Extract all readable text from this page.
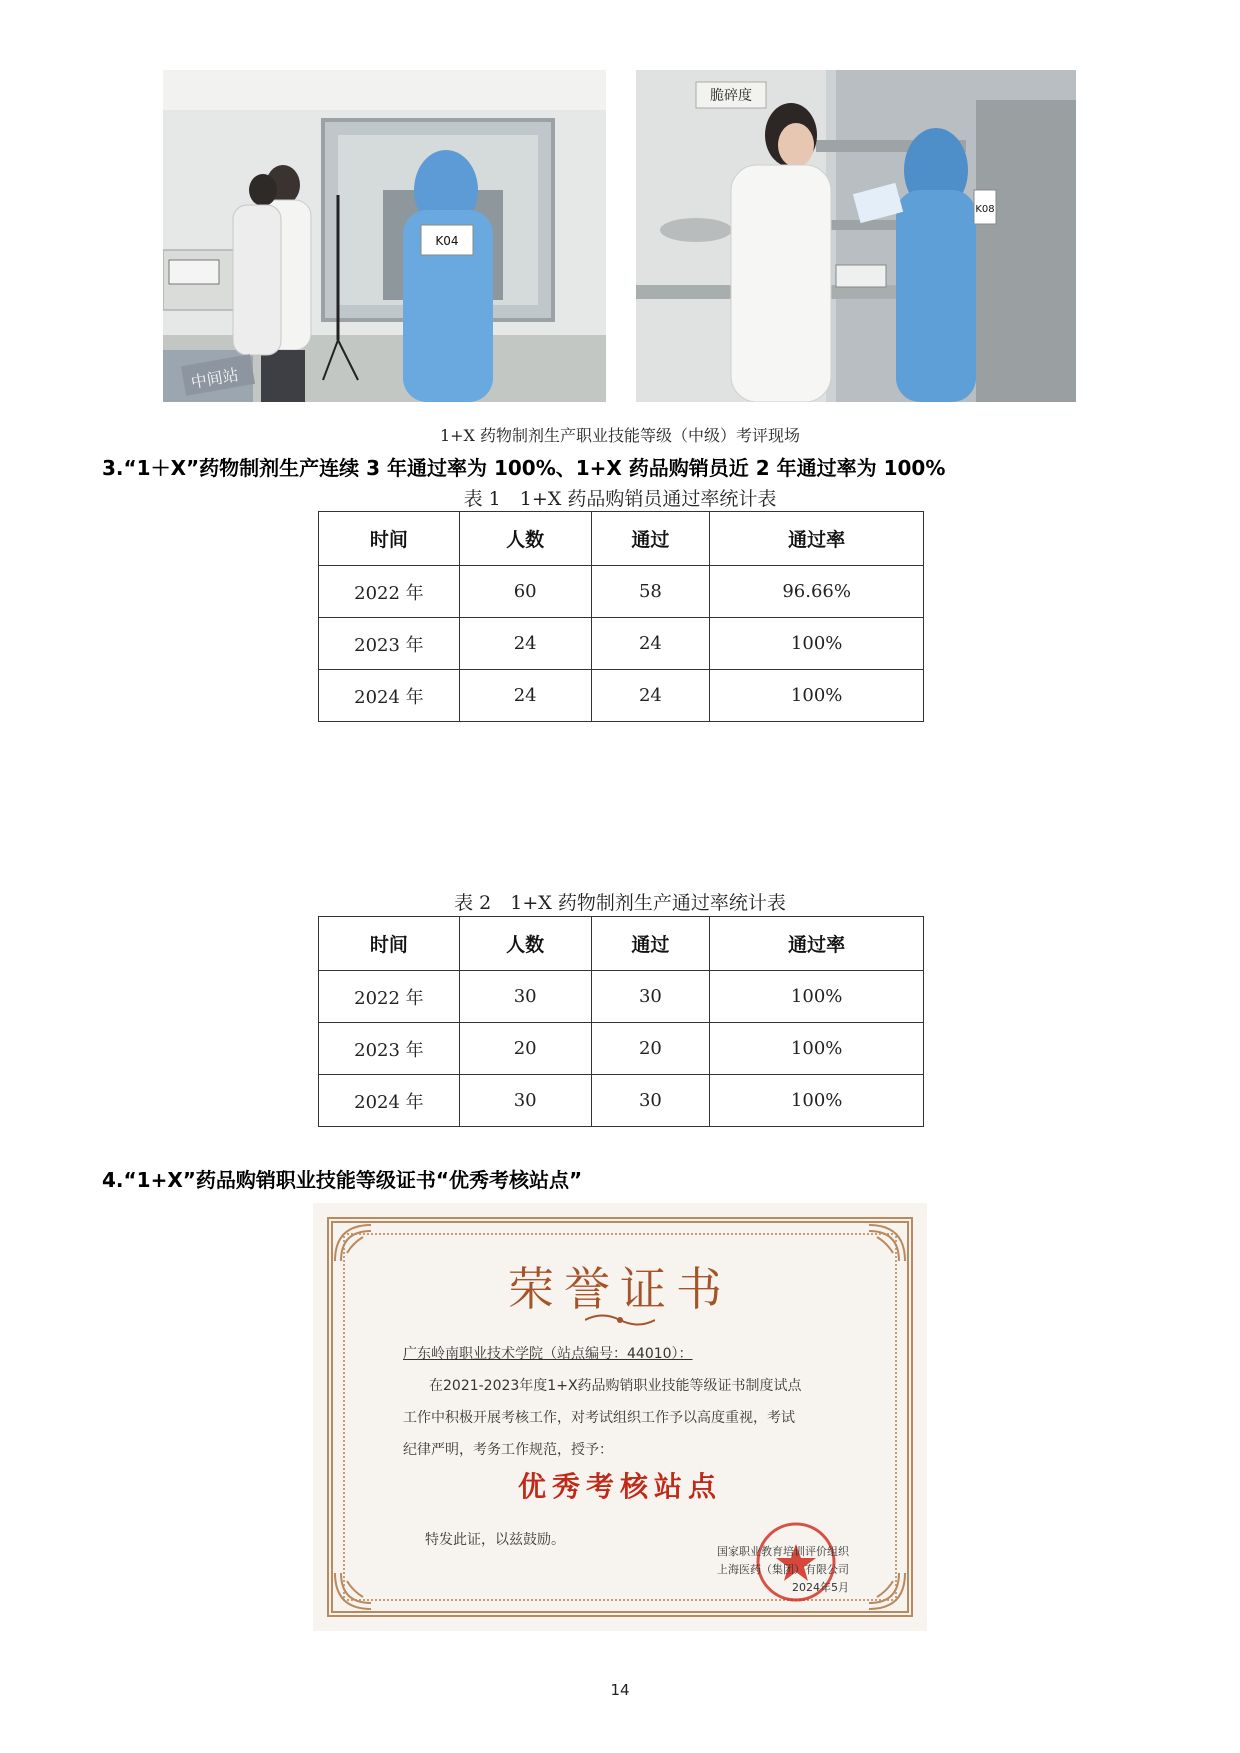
K04
中间站
脆碎度
K08
1+X 药物制剂生产职业技能等级（中级）考评现场
3.“1＋X”药物制剂生产连续 3 年通过率为 100%、1+X 药品购销员近 2 年通过率为 100%
表 1　1+X 药品购销员通过率统计表
时间	人数	通过	通过率
2022 年	60	58	96.66%
2023 年	24	24	100%
2024 年	24	24	100%
表 2　1+X 药物制剂生产通过率统计表
时间	人数	通过	通过率
2022 年	30	30	100%
2023 年	20	20	100%
2024 年	30	30	100%
4.“1+X”药品购销职业技能等级证书“优秀考核站点”
荣誉证书
广东岭南职业技术学院（站点编号：44010）：
在2021-2023年度1+X药品购销职业技能等级证书制度试点
工作中积极开展考核工作，对考试组织工作予以高度重视，考试
纪律严明，考务工作规范，授予：
优秀考核站点
特发此证，以兹鼓励。
国家职业教育培训评价组织
上海医药（集团）有限公司
2024年5月
14
